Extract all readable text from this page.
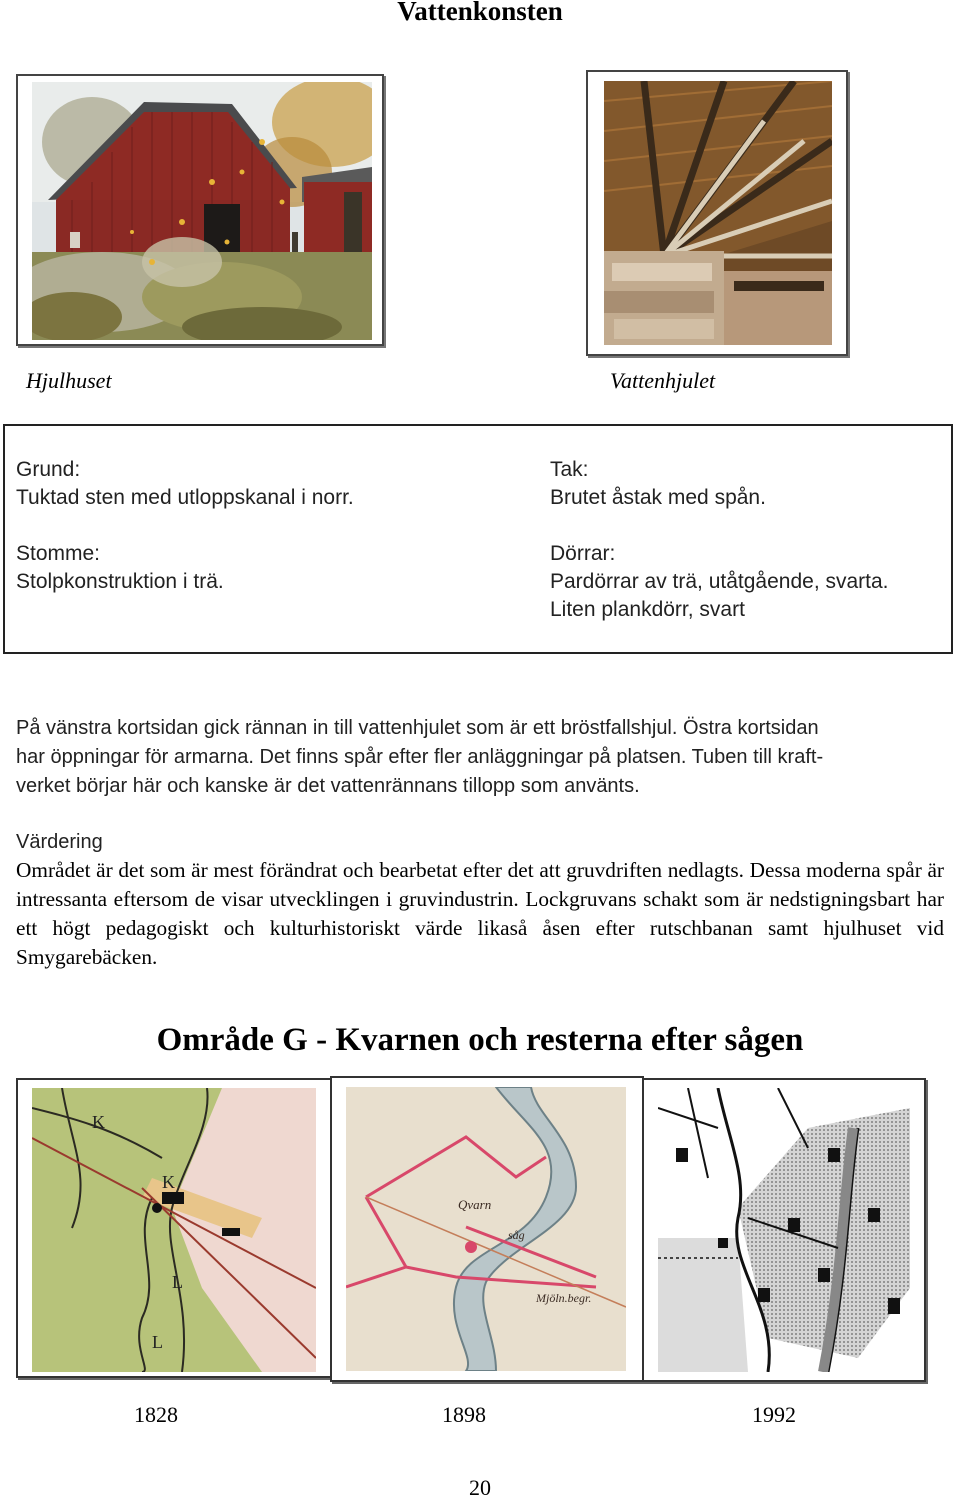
Vattenkonsten
Hjulhuset	Vattenhjulet
Grund:
Tuktad sten med utloppskanal i norr.
Stomme:
Stolpkonstruktion i trä.
Tak:
Brutet åstak med spån.
Dörrar:
Pardörrar av trä, utåtgående, svarta.
Liten plankdörr, svart
På vänstra kortsidan gick rännan in till vattenhjulet som är ett bröstfallshjul. Östra kortsidan
har öppningar för armarna. Det finns spår efter fler anläggningar på platsen. Tuben till kraft-
verket börjar här och kanske är det vattenrännans tillopp som använts.
Värdering
Området är det som är mest förändrat och bearbetat efter det att gruvdriften nedlagts. Dessa moderna spår är intressanta eftersom de visar utvecklingen i gruvindustrin. Lockgruvans schakt som är nedstigningsbart har ett högt pedagogiskt och kulturhistoriskt värde likaså åsen efter rutschbanan samt hjulhuset vid Smygarebäcken.
Område G - Kvarnen och resterna efter sågen
K
K
L
L
Qvarn
såg
Mjöln.begr.
1828	1898	1992
20
